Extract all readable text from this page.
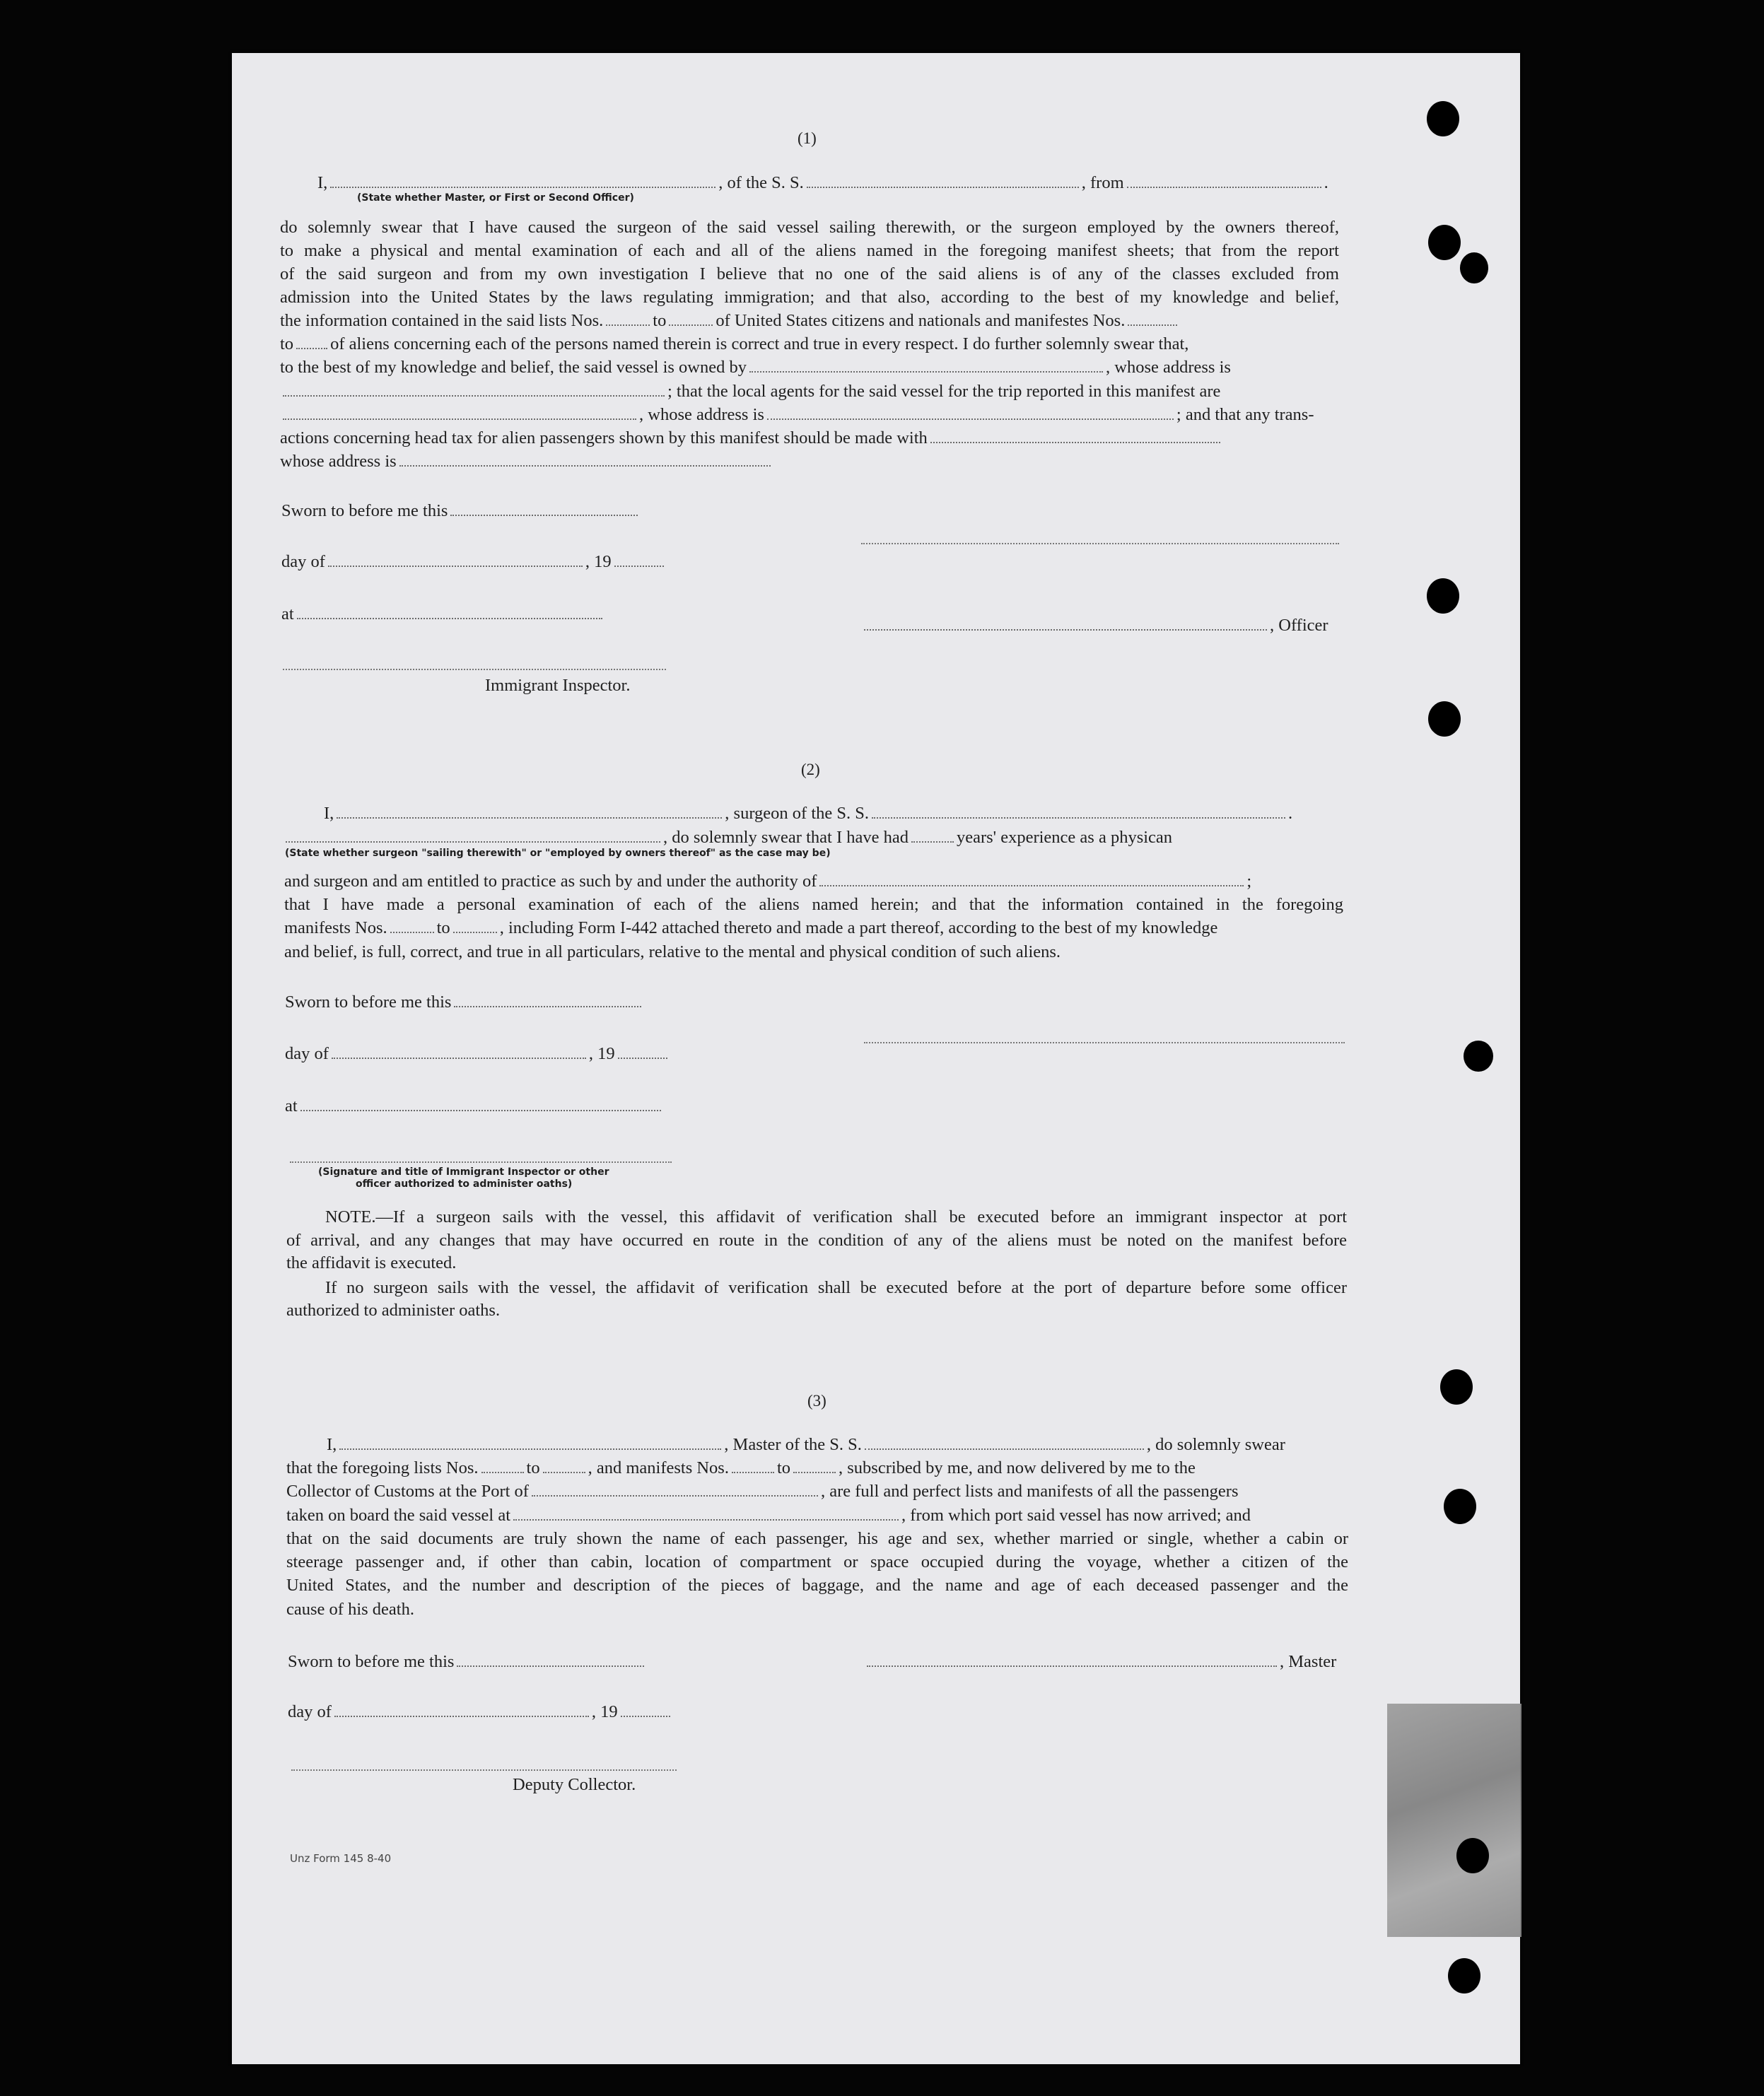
(1)
I,	, of the S. S.	, from	.
(State whether Master, or First or Second Officer)
do solemnly swear that I have caused the surgeon of the said vessel sailing therewith, or the surgeon employed by the owners thereof,
to make a physical and mental examination of each and all of the aliens named in the foregoing manifest sheets; that from the report
of the said surgeon and from my own investigation I believe that no one of the said aliens is of any of the classes excluded from
admission into the United States by the laws regulating immigration; and that also, according to the best of my knowledge and belief,
the information contained in the said lists Nos.	to	of United States citizens and nationals and manifestes Nos.
to of aliens concerning each of the persons named therein is correct and true in every respect. I do further solemnly swear that,
to the best of my knowledge and belief, the said vessel is owned by	, whose address is
; that the local agents for the said vessel for the trip reported in this manifest are
, whose address is	; and that any trans-
actions concerning head tax for alien passengers shown by this manifest should be made with
whose address is
Sworn to before me this
day of	, 19
at
, Officer
Immigrant Inspector.
(2)
I,	, surgeon of the S. S.	.
, do solemnly swear that I have had	years' experience as a physican
(State whether surgeon "sailing therewith" or "employed by owners thereof" as the case may be)
and surgeon and am entitled to practice as such by and under the authority of	;
that I have made a personal examination of each of the aliens named herein; and that the information contained in the foregoing
manifests Nos.	to	, including Form I-442 attached thereto and made a part thereof, according to the best of my knowledge
and belief, is full, correct, and true in all particulars, relative to the mental and physical condition of such aliens.
Sworn to before me this
day of	, 19
at
(Signature and title of Immigrant Inspector or other
officer authorized to administer oaths)
NOTE.—If a surgeon sails with the vessel, this affidavit of verification shall be executed before an immigrant inspector at port
of arrival, and any changes that may have occurred en route in the condition of any of the aliens must be noted on the manifest before
the affidavit is executed.
If no surgeon sails with the vessel, the affidavit of verification shall be executed before at the port of departure before some officer
authorized to administer oaths.
(3)
I,	, Master of the S. S.	, do solemnly swear
that the foregoing lists Nos.	to	, and manifests Nos.	to	, subscribed by me, and now delivered by me to the
Collector of Customs at the Port of	, are full and perfect lists and manifests of all the passengers
taken on board the said vessel at	, from which port said vessel has now arrived; and
that on the said documents are truly shown the name of each passenger, his age and sex, whether married or single, whether a cabin or
steerage passenger and, if other than cabin, location of compartment or space occupied during the voyage, whether a citizen of the
United States, and the number and description of the pieces of baggage, and the name and age of each deceased passenger and the
cause of his death.
Sworn to before me this	, Master
day of	, 19
Deputy Collector.
Unz Form 145 8-40
